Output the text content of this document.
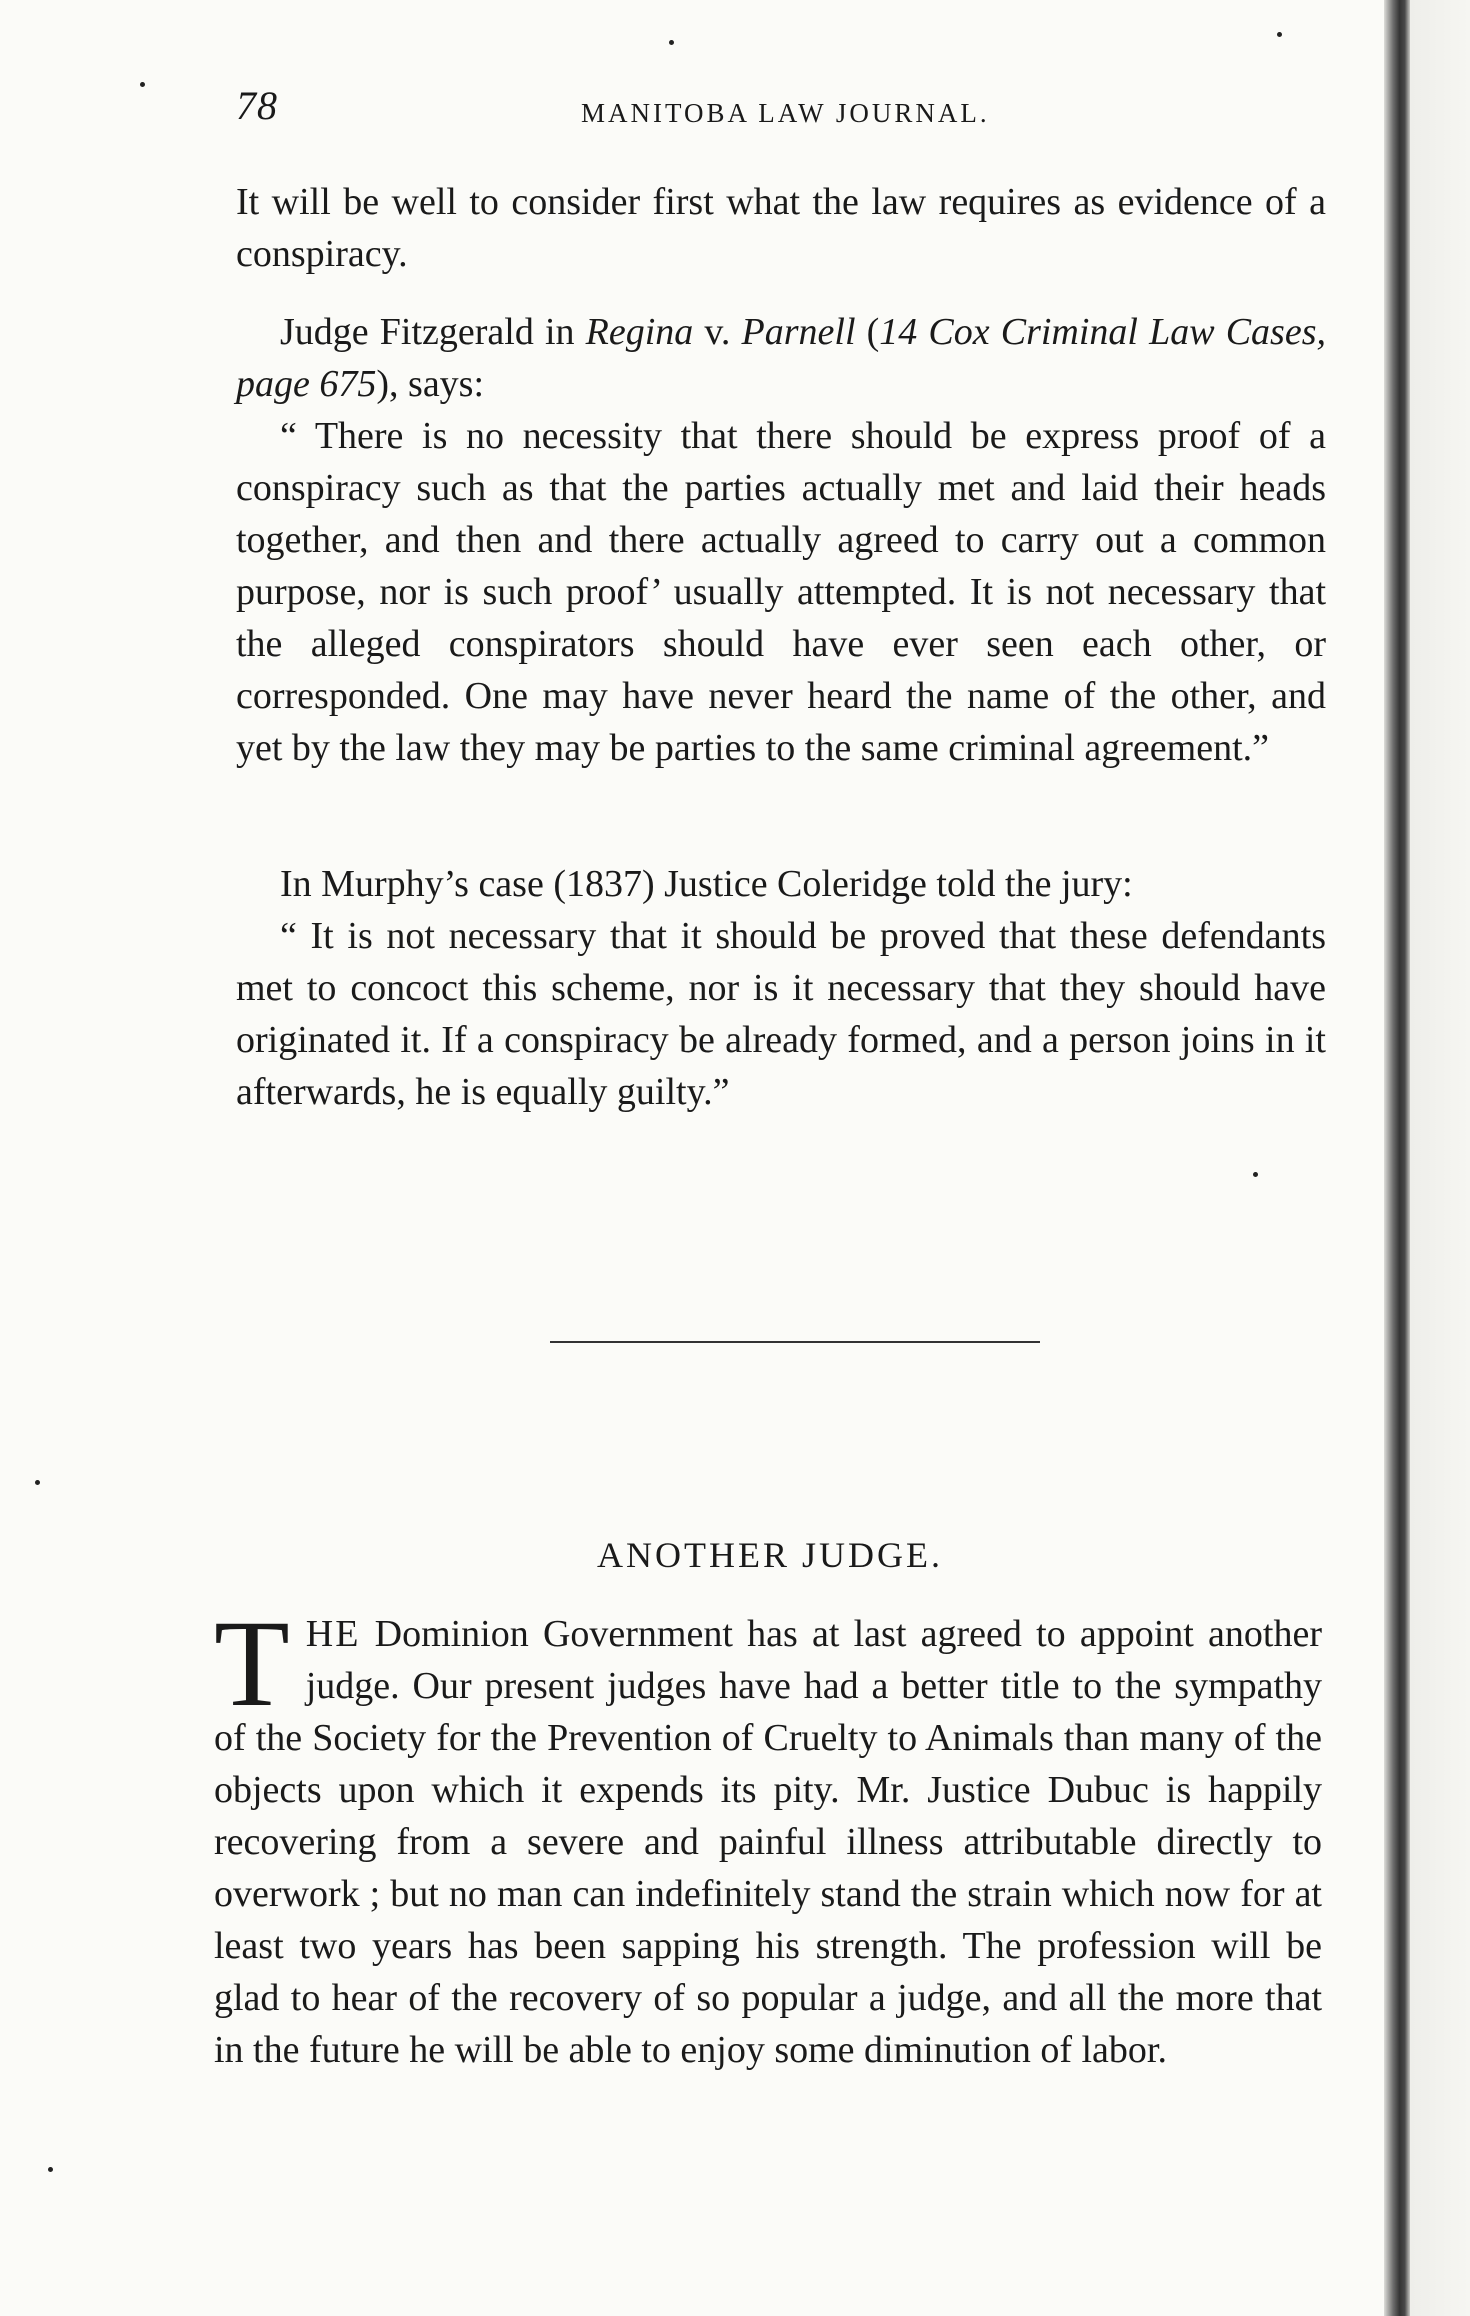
78	MANITOBA LAW JOURNAL.

It will be well to consider first what the law requires as evidence of a conspiracy.

Judge Fitzgerald in Regina v. Parnell (14 Cox Criminal Law Cases, page 675), says:

“ There is no necessity that there should be express proof of a conspiracy such as that the parties actually met and laid their heads together, and then and there actually agreed to carry out a common purpose, nor is such proof’ usually attempted. It is not necessary that the alleged conspirators should have ever seen each other, or corresponded. One may have never heard the name of the other, and yet by the law they may be parties to the same criminal agreement.”

In Murphy’s case (1837) Justice Coleridge told the jury:

“ It is not necessary that it should be proved that these defendants met to concoct this scheme, nor is it necessary that they should have originated it. If a conspiracy be already formed, and a person joins in it afterwards, he is equally guilty.”

ANOTHER JUDGE.
THE Dominion Government has at last agreed to appoint another judge. Our present judges have had a better title to the sympathy of the Society for the Prevention of Cruelty to Animals than many of the objects upon which it expends its pity. Mr. Justice Dubuc is happily recovering from a severe and painful illness attributable directly to overwork ; but no man can indefinitely stand the strain which now for at least two years has been sapping his strength. The profession will be glad to hear of the recovery of so popular a judge, and all the more that in the future he will be able to enjoy some diminution of labor.
